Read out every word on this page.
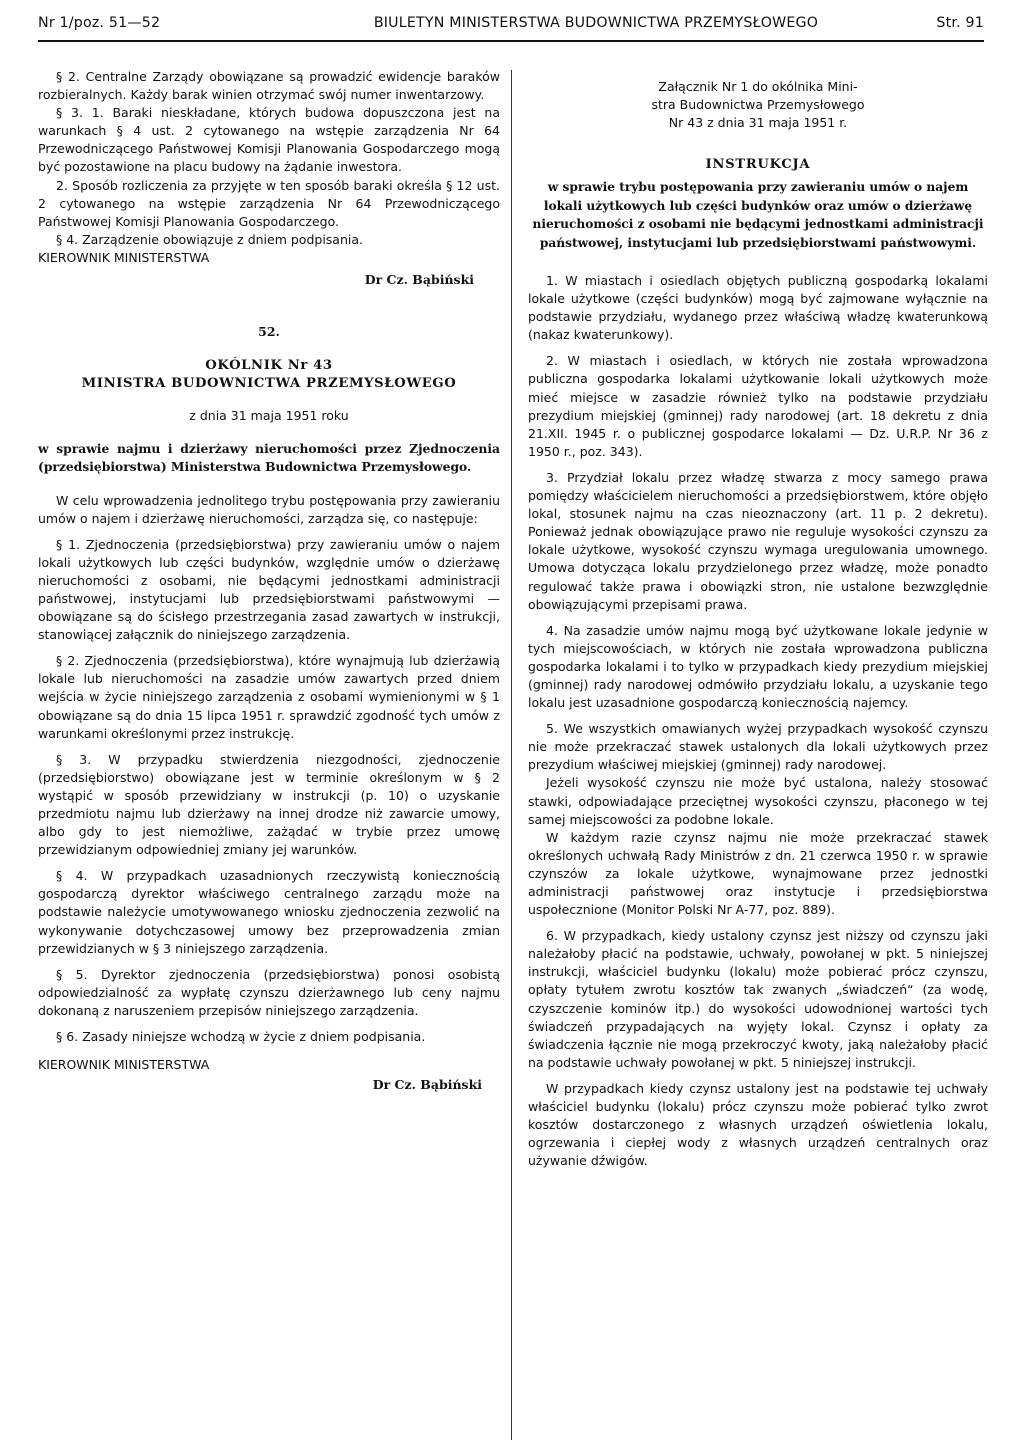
Nr 1/poz. 51—52	BIULETYN MINISTERSTWA BUDOWNICTWA PRZEMYSŁOWEGO	Str. 91

§ 2. Centralne Zarządy obowiązane są prowadzić ewidencje baraków rozbieralnych. Każdy barak winien otrzymać swój numer inwentarzowy.

§ 3. 1. Baraki nieskładane, których budowa dopuszczona jest na warunkach § 4 ust. 2 cytowanego na wstępie zarządzenia Nr 64 Przewodniczącego Państwowej Komisji Planowania Gospodarczego mogą być pozostawione na placu budowy na żądanie inwestora.

2. Sposób rozliczenia za przyjęte w ten sposób baraki określa § 12 ust. 2 cytowanego na wstępie zarządzenia Nr 64 Przewodniczącego Państwowej Komisji Planowania Gospodarczego.

§ 4. Zarządzenie obowiązuje z dniem podpisania.

KIEROWNIK MINISTERSTWA
Dr Cz. Bąbiński
52.
OKÓLNIK Nr 43
MINISTRA BUDOWNICTWA PRZEMYSŁOWEGO
z dnia 31 maja 1951 roku
w sprawie najmu i dzierżawy nieruchomości przez Zjednoczenia (przedsiębiorstwa) Ministerstwa Budownictwa Przemysłowego.

W celu wprowadzenia jednolitego trybu postępowania przy zawieraniu umów o najem i dzierżawę nieruchomości, zarządza się, co następuje:

§ 1. Zjednoczenia (przedsiębiorstwa) przy zawieraniu umów o najem lokali użytkowych lub części budynków, względnie umów o dzierżawę nieruchomości z osobami, nie będącymi jednostkami administracji państwowej, instytucjami lub przedsiębiorstwami państwowymi — obowiązane są do ścisłego przestrzegania zasad zawartych w instrukcji, stanowiącej załącznik do niniejszego zarządzenia.

§ 2. Zjednoczenia (przedsiębiorstwa), które wynajmują lub dzierżawią lokale lub nieruchomości na zasadzie umów zawartych przed dniem wejścia w życie niniejszego zarządzenia z osobami wymienionymi w § 1 obowiązane są do dnia 15 lipca 1951 r. sprawdzić zgodność tych umów z warunkami określonymi przez instrukcję.

§ 3. W przypadku stwierdzenia niezgodności, zjednoczenie (przedsiębiorstwo) obowiązane jest w terminie określonym w § 2 wystąpić w sposób przewidziany w instrukcji (p. 10) o uzyskanie przedmiotu najmu lub dzierżawy na innej drodze niż zawarcie umowy, albo gdy to jest niemożliwe, zażądać w trybie przez umowę przewidzianym odpowiedniej zmiany jej warunków.

§ 4. W przypadkach uzasadnionych rzeczywistą koniecznością gospodarczą dyrektor właściwego centralnego zarządu może na podstawie należycie umotywowanego wniosku zjednoczenia zezwolić na wykonywanie dotychczasowej umowy bez przeprowadzenia zmian przewidzianych w § 3 niniejszego zarządzenia.

§ 5. Dyrektor zjednoczenia (przedsiębiorstwa) ponosi osobistą odpowiedzialność za wypłatę czynszu dzierżawnego lub ceny najmu dokonaną z naruszeniem przepisów niniejszego zarządzenia.

§ 6. Zasady niniejsze wchodzą w życie z dniem podpisania.

KIEROWNIK MINISTERSTWA
Dr Cz. Bąbiński
Załącznik Nr 1 do okólnika Mini-
stra Budownictwa Przemysłowego
Nr 43 z dnia 31 maja 1951 r.
INSTRUKCJA
w sprawie trybu postępowania przy zawieraniu umów o najem lokali użytkowych lub części budynków oraz umów o dzierżawę nieruchomości z osobami nie będącymi jednostkami administracji państwowej, instytucjami lub przedsiębiorstwami państwowymi.

1. W miastach i osiedlach objętych publiczną gospodarką lokalami lokale użytkowe (części budynków) mogą być zajmowane wyłącznie na podstawie przydziału, wydanego przez właściwą władzę kwaterunkową (nakaz kwaterunkowy).

2. W miastach i osiedlach, w których nie została wprowadzona publiczna gospodarka lokalami użytkowanie lokali użytkowych może mieć miejsce w zasadzie również tylko na podstawie przydziału prezydium miejskiej (gminnej) rady narodowej (art. 18 dekretu z dnia 21.XII. 1945 r. o publicznej gospodarce lokalami — Dz. U.R.P. Nr 36 z 1950 r., poz. 343).

3. Przydział lokalu przez władzę stwarza z mocy samego prawa pomiędzy właścicielem nieruchomości a przedsiębiorstwem, które objęło lokal, stosunek najmu na czas nieoznaczony (art. 11 p. 2 dekretu). Ponieważ jednak obowiązujące prawo nie reguluje wysokości czynszu za lokale użytkowe, wysokość czynszu wymaga uregulowania umownego. Umowa dotycząca lokalu przydzielonego przez władzę, może ponadto regulować także prawa i obowiązki stron, nie ustalone bezwzględnie obowiązującymi przepisami prawa.

4. Na zasadzie umów najmu mogą być użytkowane lokale jedynie w tych miejscowościach, w których nie została wprowadzona publiczna gospodarka lokalami i to tylko w przypadkach kiedy prezydium miejskiej (gminnej) rady narodowej odmówiło przydziału lokalu, a uzyskanie tego lokalu jest uzasadnione gospodarczą koniecznością najemcy.

5. We wszystkich omawianych wyżej przypadkach wysokość czynszu nie może przekraczać stawek ustalonych dla lokali użytkowych przez prezydium właściwej miejskiej (gminnej) rady narodowej.

Jeżeli wysokość czynszu nie może być ustalona, należy stosować stawki, odpowiadające przeciętnej wysokości czynszu, płaconego w tej samej miejscowości za podobne lokale.

W każdym razie czynsz najmu nie może przekraczać stawek określonych uchwałą Rady Ministrów z dn. 21 czerwca 1950 r. w sprawie czynszów za lokale użytkowe, wynajmowane przez jednostki administracji państwowej oraz instytucje i przedsiębiorstwa uspołecznione (Monitor Polski Nr A-77, poz. 889).

6. W przypadkach, kiedy ustalony czynsz jest niższy od czynszu jaki należałoby płacić na podstawie, uchwały, powołanej w pkt. 5 niniejszej instrukcji, właściciel budynku (lokalu) może pobierać prócz czynszu, opłaty tytułem zwrotu kosztów tak zwanych „świadczeń“ (za wodę, czyszczenie kominów itp.) do wysokości udowodnionej wartości tych świadczeń przypadających na wyjęty lokal. Czynsz i opłaty za świadczenia łącznie nie mogą przekroczyć kwoty, jaką należałoby płacić na podstawie uchwały powołanej w pkt. 5 niniejszej instrukcji.

W przypadkach kiedy czynsz ustalony jest na podstawie tej uchwały właściciel budynku (lokalu) prócz czynszu może pobierać tylko zwrot kosztów dostarczonego z własnych urządzeń oświetlenia lokalu, ogrzewania i ciepłej wody z własnych urządzeń centralnych oraz używanie dźwigów.
